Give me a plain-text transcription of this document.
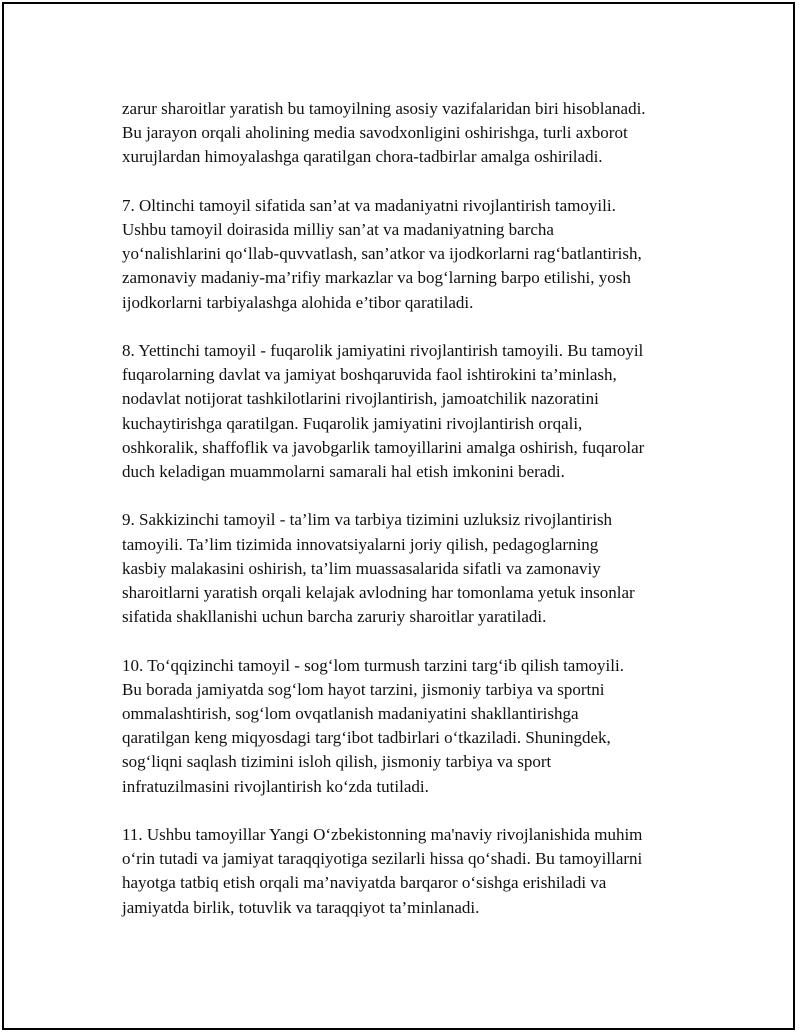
zarur sharoitlar yaratish bu tamoyilning asosiy vazifalaridan biri hisoblanadi.
Bu jarayon orqali aholining media savodxonligini oshirishga, turli axborot
xurujlardan himoyalashga qaratilgan chora-tadbirlar amalga oshiriladi.

7. Oltinchi tamoyil sifatida san’at va madaniyatni rivojlantirish tamoyili.
Ushbu tamoyil doirasida milliy san’at va madaniyatning barcha
yo‘nalishlarini qo‘llab-quvvatlash, san’atkor va ijodkorlarni rag‘batlantirish,
zamonaviy madaniy-ma’rifiy markazlar va bog‘larning barpo etilishi, yosh
ijodkorlarni tarbiyalashga alohida e’tibor qaratiladi.

8. Yettinchi tamoyil - fuqarolik jamiyatini rivojlantirish tamoyili. Bu tamoyil
fuqarolarning davlat va jamiyat boshqaruvida faol ishtirokini ta’minlash,
nodavlat notijorat tashkilotlarini rivojlantirish, jamoatchilik nazoratini
kuchaytirishga qaratilgan. Fuqarolik jamiyatini rivojlantirish orqali,
oshkoralik, shaffoflik va javobgarlik tamoyillarini amalga oshirish, fuqarolar
duch keladigan muammolarni samarali hal etish imkonini beradi.

9. Sakkizinchi tamoyil - ta’lim va tarbiya tizimini uzluksiz rivojlantirish
tamoyili. Ta’lim tizimida innovatsiyalarni joriy qilish, pedagoglarning
kasbiy malakasini oshirish, ta’lim muassasalarida sifatli va zamonaviy
sharoitlarni yaratish orqali kelajak avlodning har tomonlama yetuk insonlar
sifatida shakllanishi uchun barcha zaruriy sharoitlar yaratiladi.

10. To‘qqizinchi tamoyil - sog‘lom turmush tarzini targ‘ib qilish tamoyili.
Bu borada jamiyatda sog‘lom hayot tarzini, jismoniy tarbiya va sportni
ommalashtirish, sog‘lom ovqatlanish madaniyatini shakllantirishga
qaratilgan keng miqyosdagi targ‘ibot tadbirlari o‘tkaziladi. Shuningdek,
sog‘liqni saqlash tizimini isloh qilish, jismoniy tarbiya va sport
infratuzilmasini rivojlantirish ko‘zda tutiladi.

11. Ushbu tamoyillar Yangi O‘zbekistonning ma'naviy rivojlanishida muhim
o‘rin tutadi va jamiyat taraqqiyotiga sezilarli hissa qo‘shadi. Bu tamoyillarni
hayotga tatbiq etish orqali ma’naviyatda barqaror o‘sishga erishiladi va
jamiyatda birlik, totuvlik va taraqqiyot ta’minlanadi.
